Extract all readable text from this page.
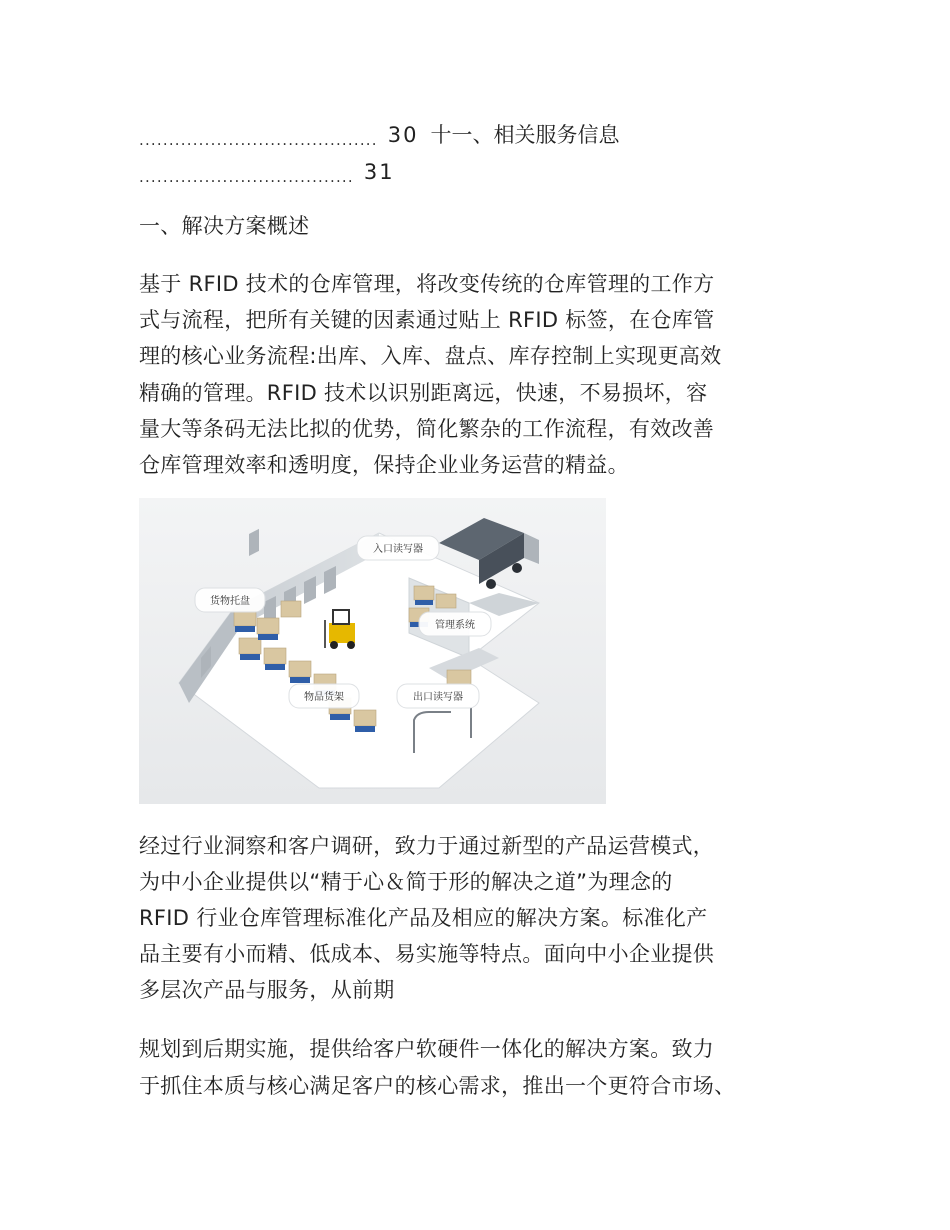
........................................ 30 十一、相关服务信息
.................................... 31

一、解决方案概述

基于 RFID 技术的仓库管理，将改变传统的仓库管理的工作方

式与流程，把所有关键的因素通过贴上 RFID 标签，在仓库管

理的核心业务流程:出库、入库、盘点、库存控制上实现更高效

精确的管理。RFID 技术以识别距离远，快速，不易损坏，容

量大等条码无法比拟的优势，简化繁杂的工作流程，有效改善

仓库管理效率和透明度，保持企业业务运营的精益。

入口读写器
货物托盘
管理系统
物品货架	出口读写器

经过行业洞察和客户调研，致力于通过新型的产品运营模式，

为中小企业提供以“精于心＆简于形的解决之道”为理念的

RFID 行业仓库管理标准化产品及相应的解决方案。标准化产

品主要有小而精、低成本、易实施等特点。面向中小企业提供

多层次产品与服务，从前期

规划到后期实施，提供给客户软硬件一体化的解决方案。致力

于抓住本质与核心满足客户的核心需求，推出一个更符合市场、
